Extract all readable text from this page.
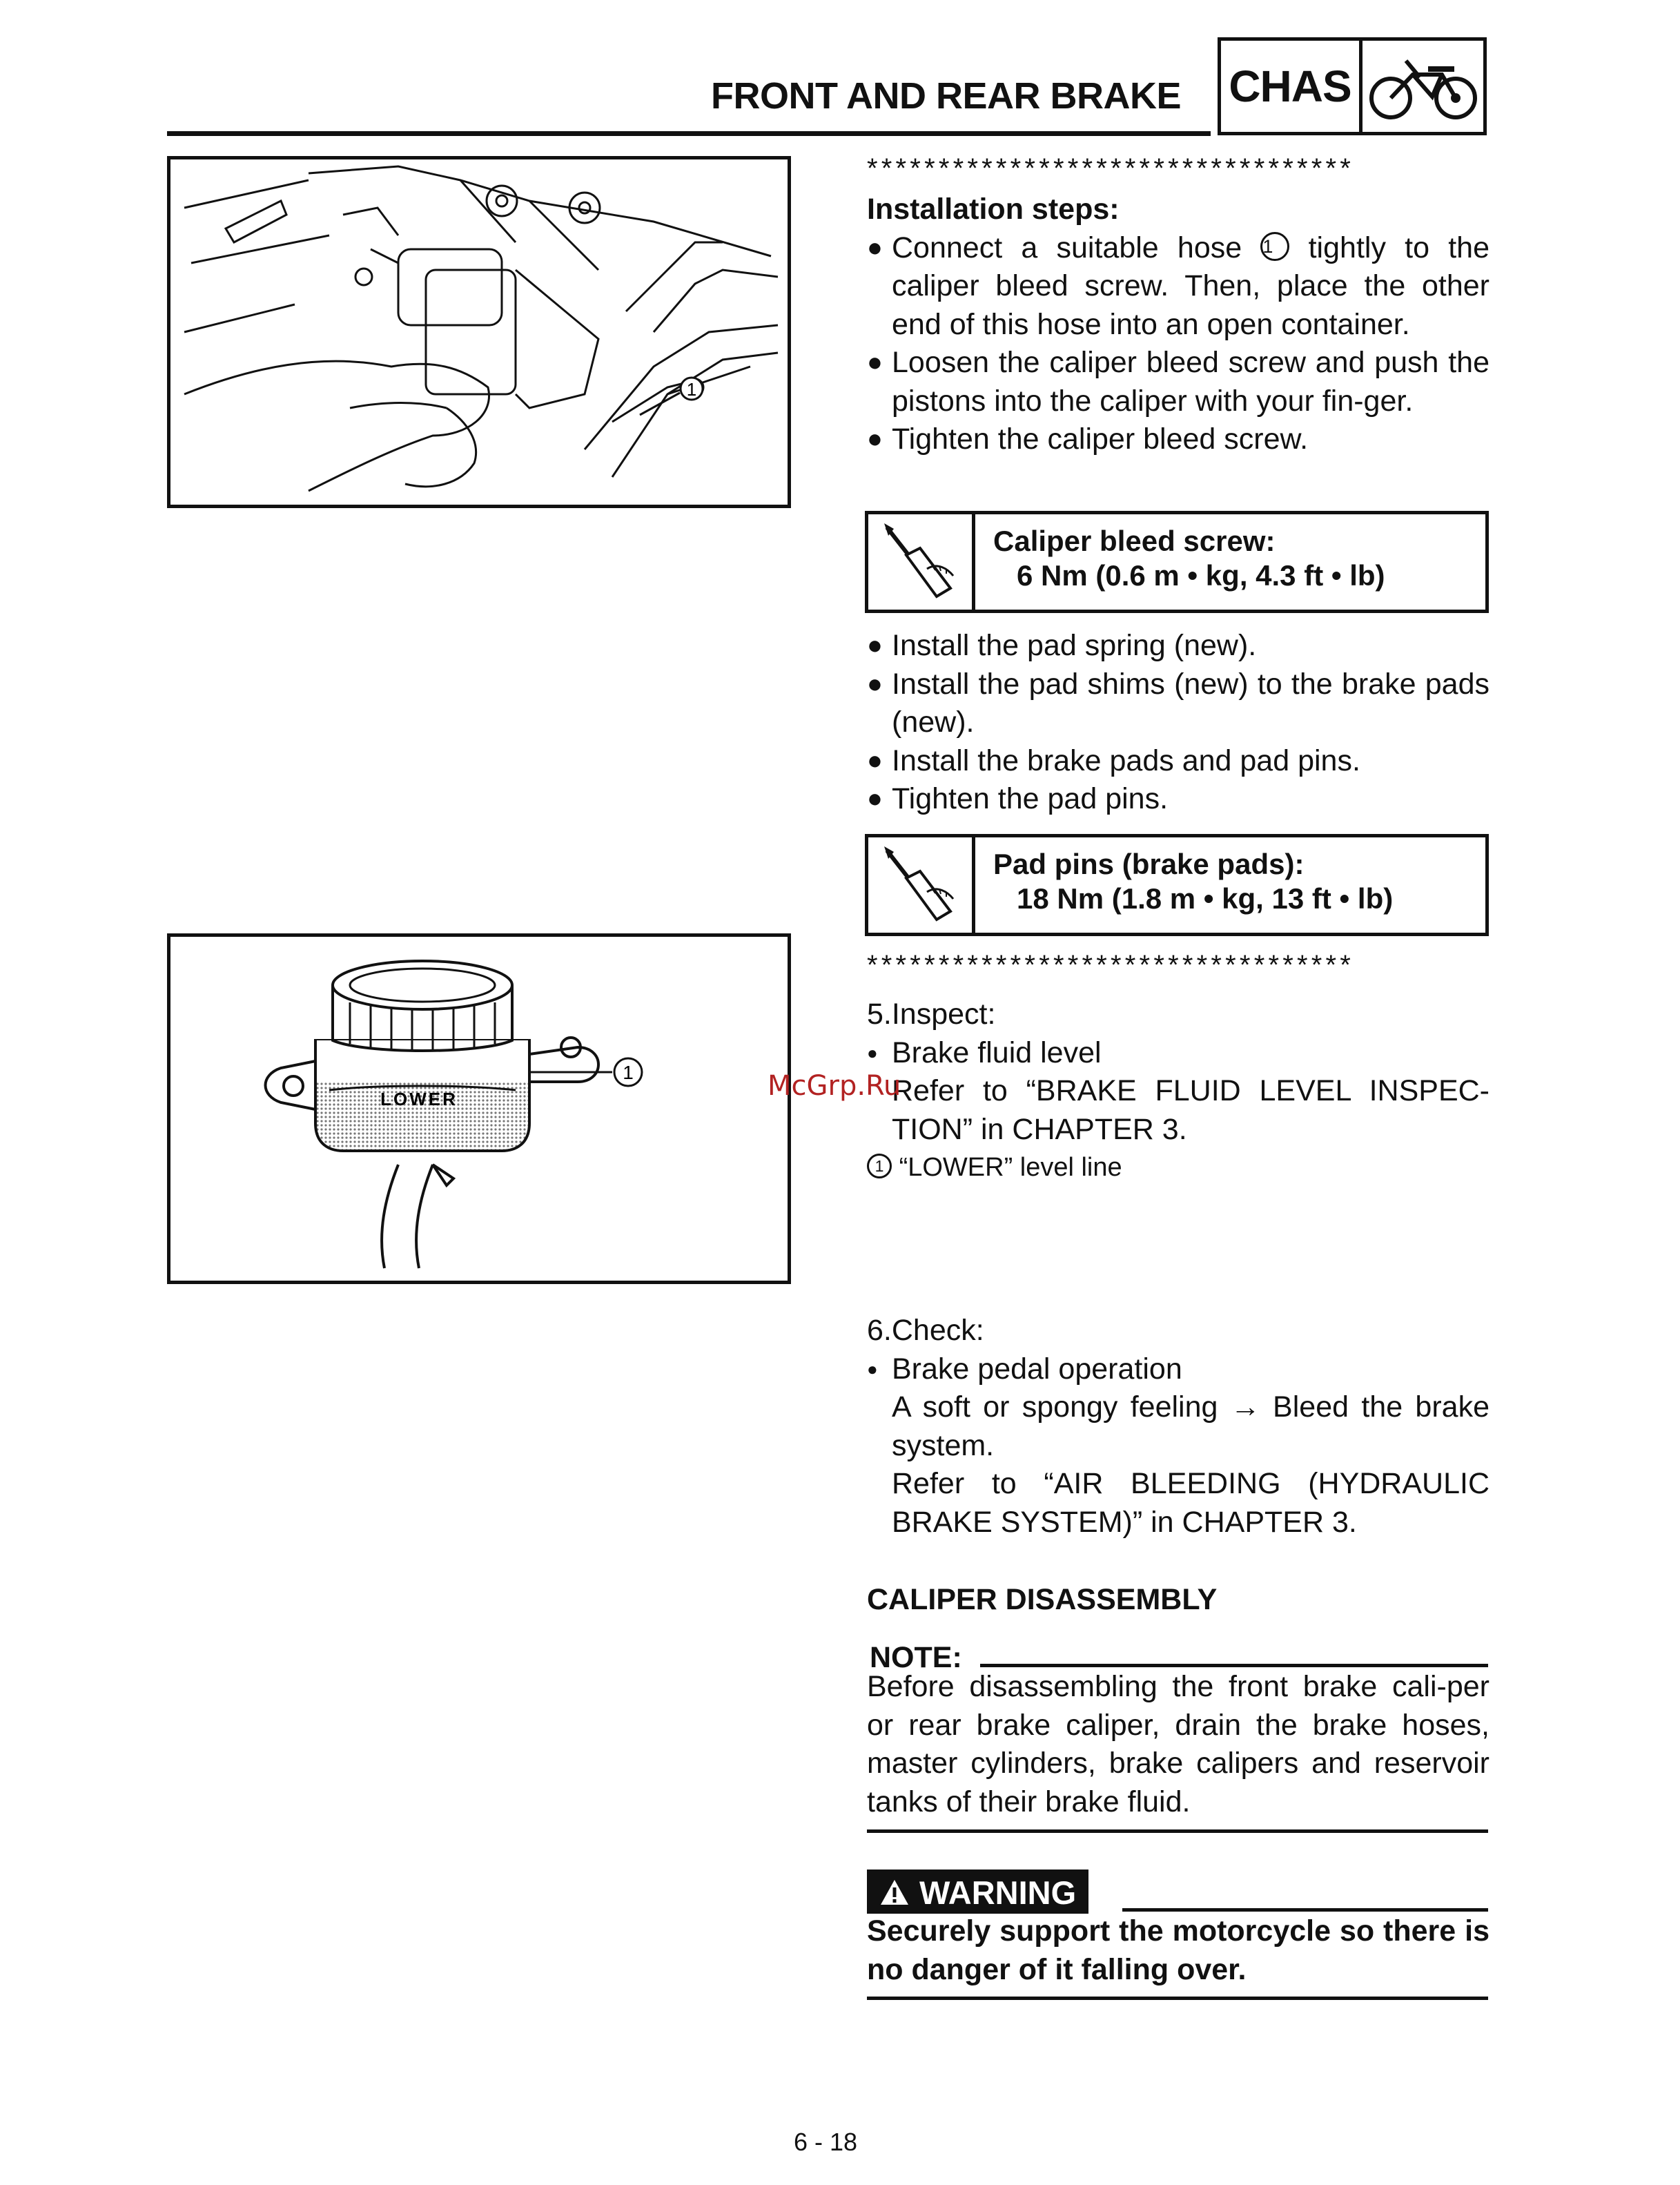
FRONT AND REAR BRAKE CHAS
1
LOWER
1
**********************************
Installation steps:
● Connect a suitable hose 1 tightly to the caliper bleed screw. Then, place the other end of this hose into an open container.
● Loosen the caliper bleed screw and push the pistons into the caliper with your fin-ger.
● Tighten the caliper bleed screw.
Caliper bleed screw:
6 Nm (0.6 m • kg, 4.3 ft • lb)
● Install the pad spring (new).
● Install the pad shims (new) to the brake pads (new).
● Install the brake pads and pad pins.
● Tighten the pad pins.
Pad pins (brake pads):
18 Nm (1.8 m • kg, 13 ft • lb)
**********************************
5.Inspect:
● Brake fluid level
Refer to “BRAKE FLUID LEVEL INSPEC-TION” in CHAPTER 3.
1 “LOWER” level line
6.Check:
● Brake pedal operation
A soft or spongy feeling → Bleed the brake system.
Refer to “AIR BLEEDING (HYDRAULIC BRAKE SYSTEM)” in CHAPTER 3.
CALIPER DISASSEMBLY
NOTE:
Before disassembling the front brake cali-per or rear brake caliper, drain the brake hoses, master cylinders, brake calipers and reservoir tanks of their brake fluid.
WARNING
Securely support the motorcycle so there is no danger of it falling over.
McGrp.Ru
6 - 18
